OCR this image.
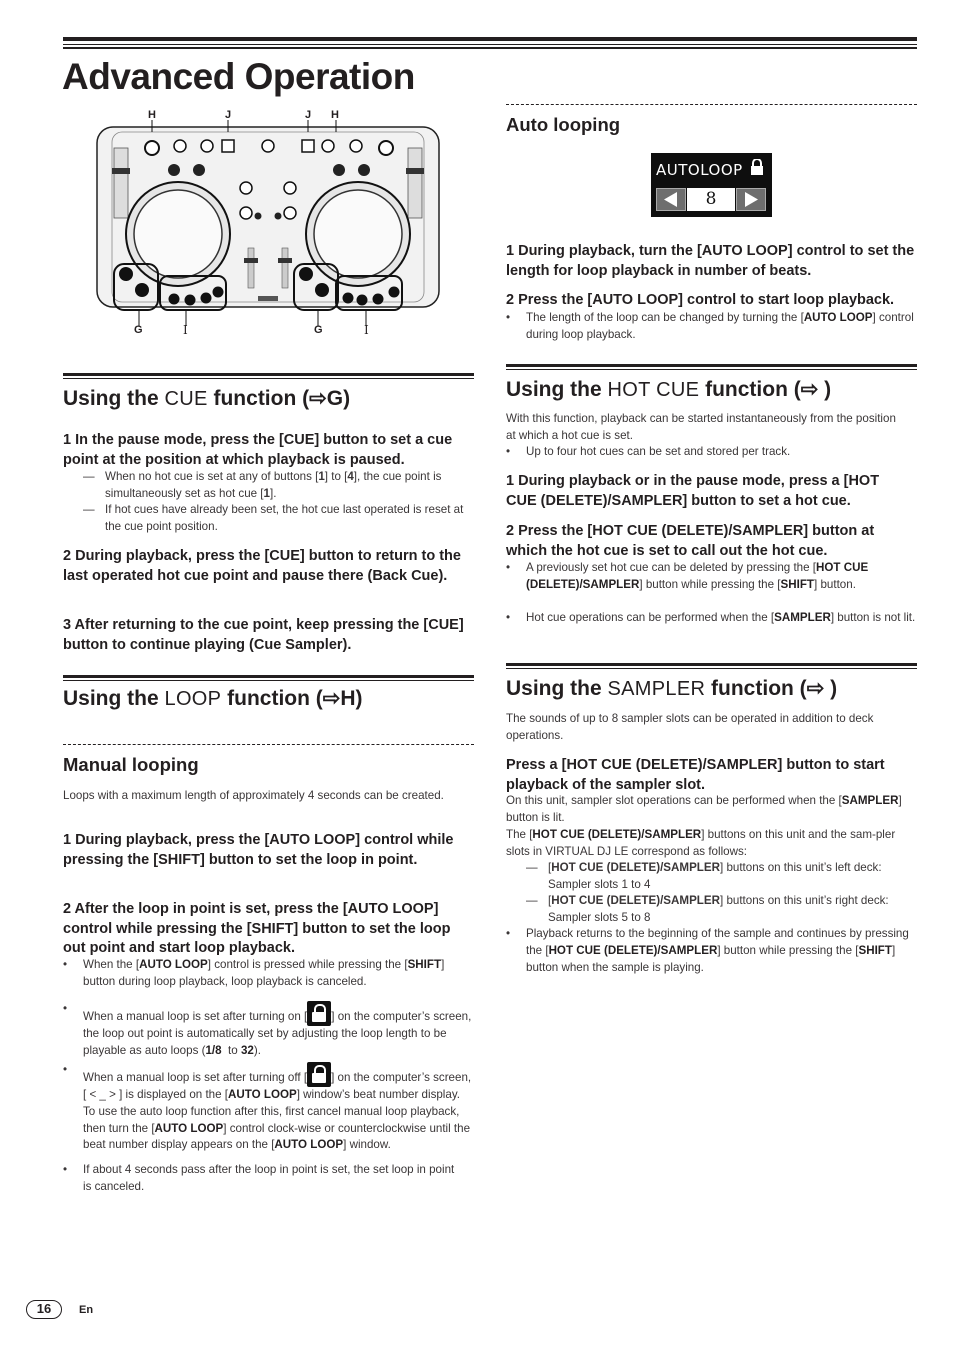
Advanced Operation
H	J	J H
G	I	G	I
Using the CUE function (⇨G)
1 In the pause mode, press the [CUE] button to set a cue point at the position at which playback is paused.
— When no hot cue is set at any of buttons [1] to [4], the cue point is simultaneously set as hot cue [1].
— If hot cues have already been set, the hot cue last operated is reset at the cue point position.
2 During playback, press the [CUE] button to return to the last operated hot cue point and pause there (Back Cue).
3 After returning to the cue point, keep pressing the [CUE] button to continue playing (Cue Sampler).
Using the LOOP function (⇨H)
Manual looping
Loops with a maximum length of approximately 4 seconds can be created.
1 During playback, press the [AUTO LOOP] control while pressing the [SHIFT] button to set the loop in point.
2 After the loop in point is set, press the [AUTO LOOP] control while pressing the [SHIFT] button to set the loop out point and start loop playback.
• When the [AUTO LOOP] control is pressed while pressing the [SHIFT] button during loop playback, loop playback is canceled.
•
When a manual loop is set after turning on [ ] on the computer’s screen, the loop out point is automatically set by adjusting the loop length to be playable as auto loops (1/8  to 32).
•
When a manual loop is set after turning off [ ] on the computer’s screen, [ < _ > ] is displayed on the [AUTO LOOP] window’s beat number display. To use the auto loop function after this, first cancel manual loop playback, then turn the [AUTO LOOP] control clock-wise or counterclockwise until the beat number display appears on the [AUTO LOOP] window.
• If about 4 seconds pass after the loop in point is set, the set loop in point is canceled.
Auto looping
AUTOLOOP
8
1 During playback, turn the [AUTO LOOP] control to set the length for loop playback in number of beats.
2 Press the [AUTO LOOP] control to start loop playback.
• The length of the loop can be changed by turning the [AUTO LOOP] control during loop playback.
Using the HOT CUE function (⇨ )
With this function, playback can be started instantaneously from the position at which a hot cue is set.
• Up to four hot cues can be set and stored per track.
1 During playback or in the pause mode, press a [HOT CUE (DELETE)/SAMPLER] button to set a hot cue.
2 Press the [HOT CUE (DELETE)/SAMPLER] button at which the hot cue is set to call out the hot cue.
• A previously set hot cue can be deleted by pressing the [HOT CUE (DELETE)/SAMPLER] button while pressing the [SHIFT] button.
• Hot cue operations can be performed when the [SAMPLER] button is not lit.
Using the SAMPLER function (⇨ )
The sounds of up to 8 sampler slots can be operated in addition to deck operations.
Press a [HOT CUE (DELETE)/SAMPLER] button to start playback of the sampler slot.
On this unit, sampler slot operations can be performed when the [SAMPLER] button is lit.
The [HOT CUE (DELETE)/SAMPLER] buttons on this unit and the sam-pler slots in VIRTUAL DJ LE correspond as follows:
— [HOT CUE (DELETE)/SAMPLER] buttons on this unit’s left deck: Sampler slots 1 to 4
— [HOT CUE (DELETE)/SAMPLER] buttons on this unit’s right deck: Sampler slots 5 to 8
• Playback returns to the beginning of the sample and continues by pressing the [HOT CUE (DELETE)/SAMPLER] button while pressing the [SHIFT] button when the sample is playing.
16	En
